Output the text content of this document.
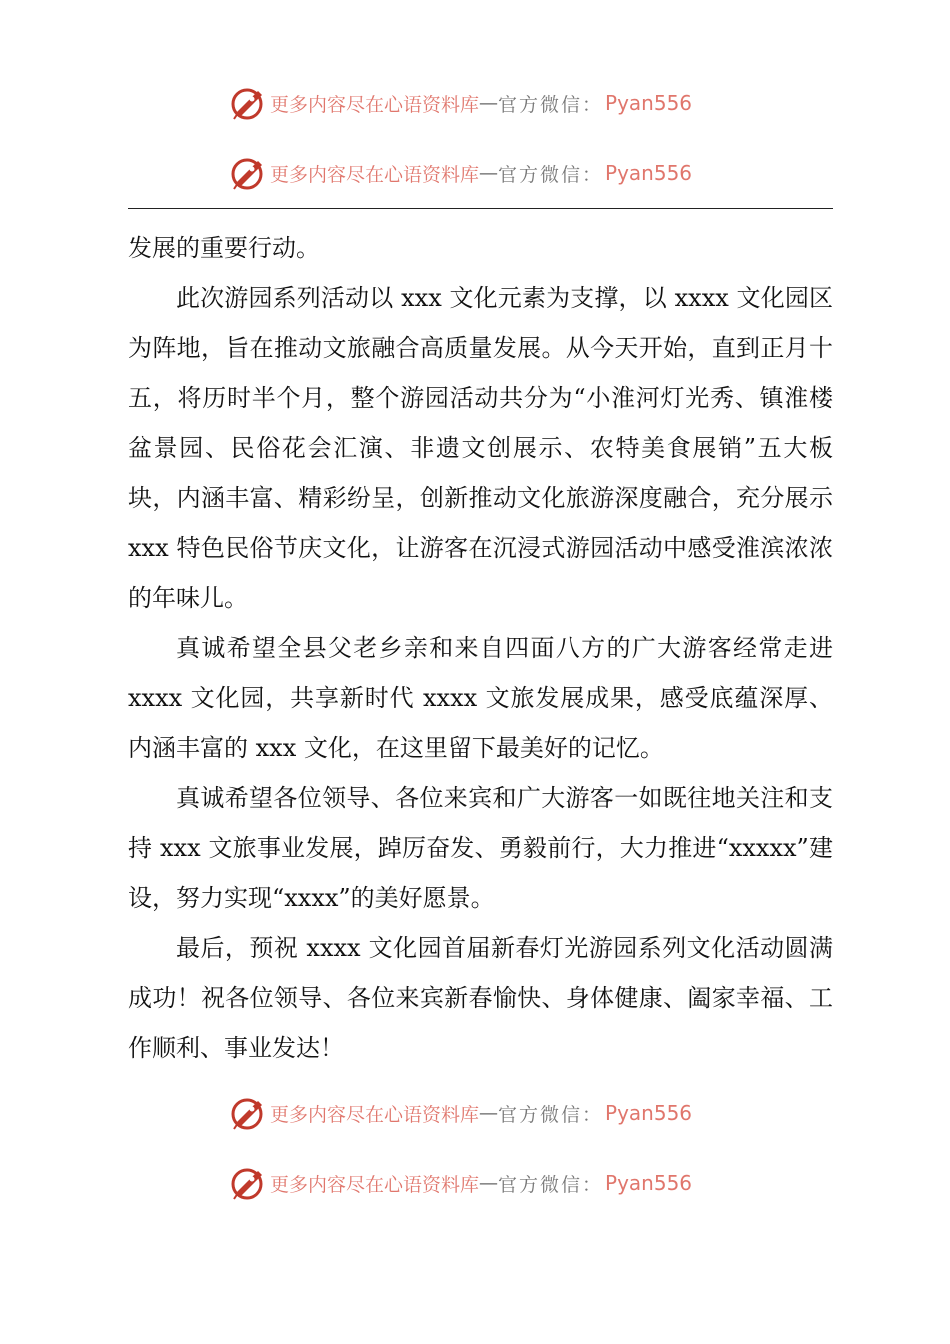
更多内容尽在心语资料库 — 官方微信： Pyan556
更多内容尽在心语资料库 — 官方微信： Pyan556

发展的重要行动。

此次游园系列活动以 xxx 文化元素为支撑，以 xxxx 文化园区为阵地，旨在推动文旅融合高质量发展。从今天开始，直到正月十五，将历时半个月，整个游园活动共分为“小淮河灯光秀、镇淮楼盆景园、民俗花会汇演、非遗文创展示、农特美食展销”五大板块，内涵丰富、精彩纷呈，创新推动文化旅游深度融合，充分展示 xxx 特色民俗节庆文化，让游客在沉浸式游园活动中感受淮滨浓浓的年味儿。

真诚希望全县父老乡亲和来自四面八方的广大游客经常走进 xxxx 文化园，共享新时代 xxxx 文旅发展成果，感受底蕴深厚、内涵丰富的 xxx 文化，在这里留下最美好的记忆。

真诚希望各位领导、各位来宾和广大游客一如既往地关注和支持 xxx 文旅事业发展，踔厉奋发、勇毅前行，大力推进“xxxxx”建设，努力实现“xxxx”的美好愿景。

最后，预祝 xxxx 文化园首届新春灯光游园系列文化活动圆满成功！祝各位领导、各位来宾新春愉快、身体健康、阖家幸福、工作顺利、事业发达！

更多内容尽在心语资料库 — 官方微信： Pyan556
更多内容尽在心语资料库 — 官方微信： Pyan556
